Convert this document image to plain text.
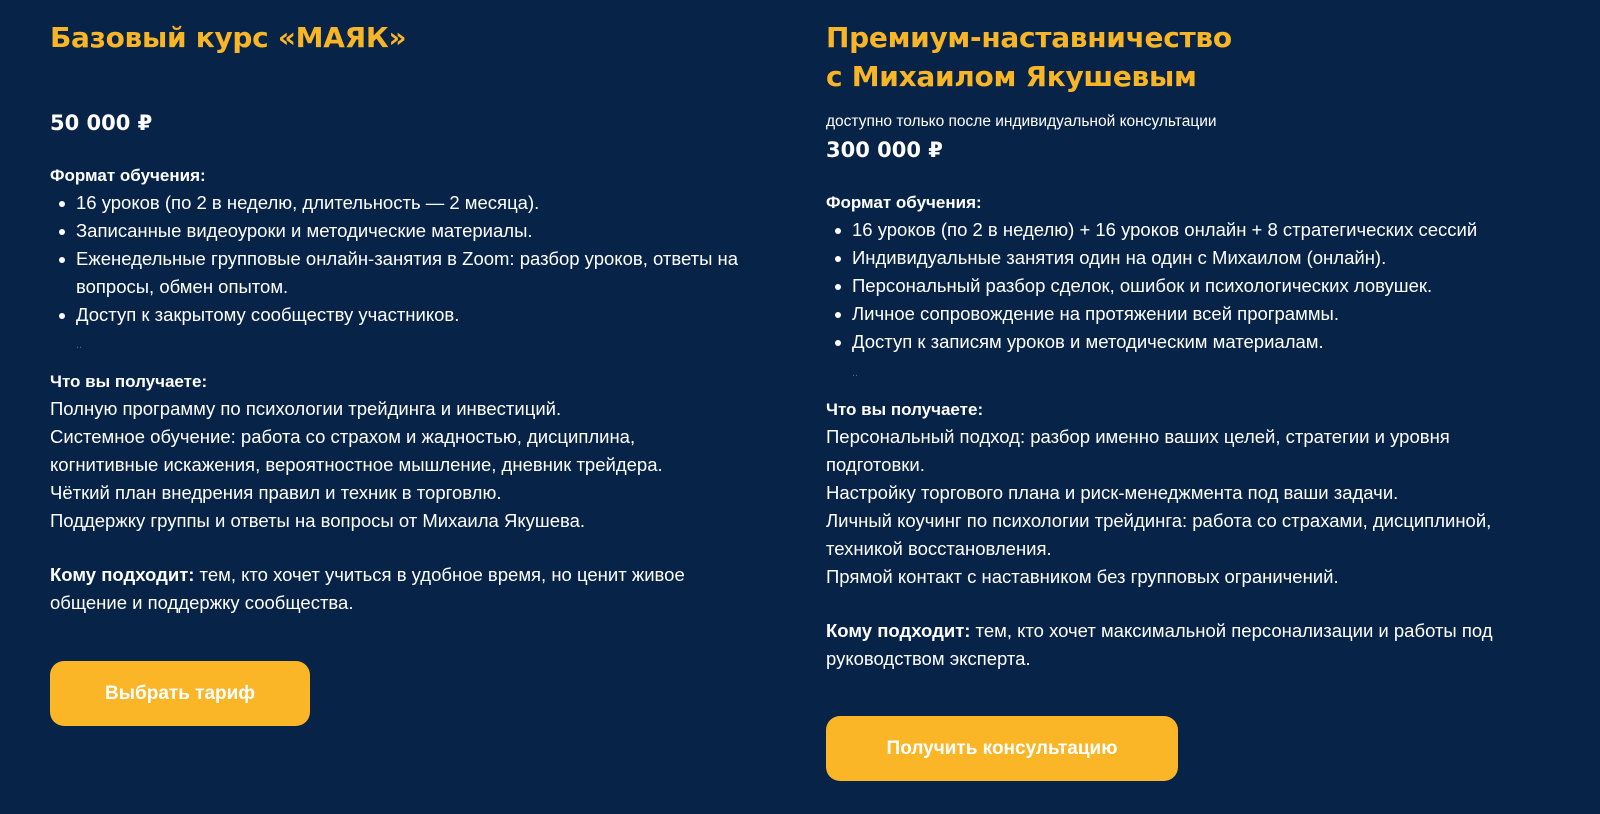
Базовый курс «МАЯК»

50 000 ₽

Формат обучения:

16 уроков (по 2 в неделю, длительность — 2 месяца).
Записанные видеоуроки и методические материалы.
Еженедельные групповые онлайн-занятия в Zoom: разбор уроков, ответы на вопросы, обмен опытом.
Доступ к закрытому сообществу участников.
..

Что вы получаете:

Полную программу по психологии трейдинга и инвестиций.

Системное обучение: работа со страхом и жадностью, дисциплина, когнитивные искажения, вероятностное мышление, дневник трейдера.

Чёткий план внедрения правил и техник в торговлю.

Поддержку группы и ответы на вопросы от Михаила Якушева.

Кому подходит: тем, кто хочет учиться в удобное время, но ценит живое общение и поддержку сообщества.

Выбрать тариф
Премиум-наставничество
с Михаилом Якушевым

доступно только после индивидуальной консультации

300 000 ₽

Формат обучения:

16 уроков (по 2 в неделю) + 16 уроков онлайн + 8 стратегических сессий
Индивидуальные занятия один на один с Михаилом (онлайн).
Персональный разбор сделок, ошибок и психологических ловушек.
Личное сопровождение на протяжении всей программы.
Доступ к записям уроков и методическим материалам.
..

Что вы получаете:

Персональный подход: разбор именно ваших целей, стратегии и уровня подготовки.

Настройку торгового плана и риск-менеджмента под ваши задачи.

Личный коучинг по психологии трейдинга: работа со страхами, дисциплиной, техникой восстановления.

Прямой контакт с наставником без групповых ограничений.

Кому подходит: тем, кто хочет максимальной персонализации и работы под руководством эксперта.

Получить консультацию
